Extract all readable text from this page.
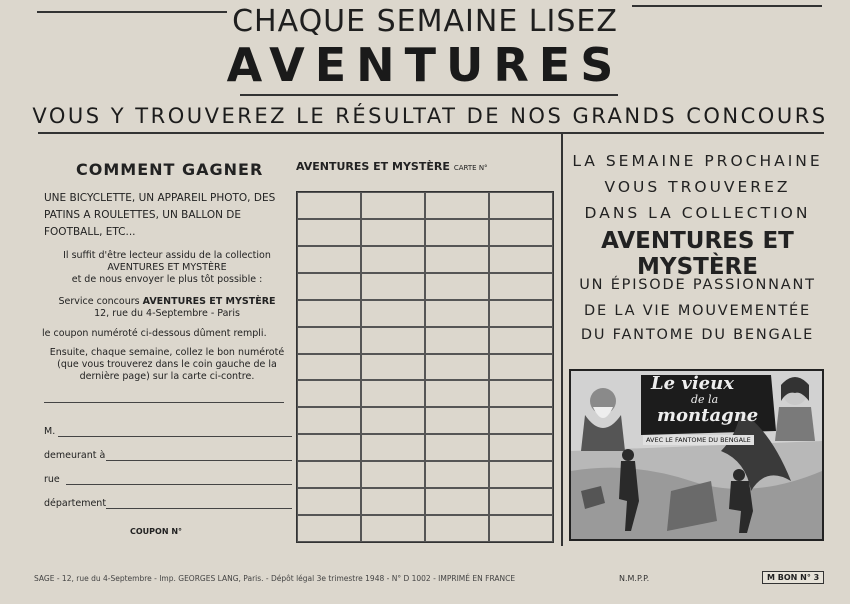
CHAQUE SEMAINE LISEZ
AVENTURES
VOUS Y TROUVEREZ LE RÉSULTAT DE NOS GRANDS CONCOURS
COMMENT GAGNER
UNE BICYCLETTE, UN APPAREIL PHOTO, DES PATINS A ROULETTES, UN BALLON DE FOOTBALL, ETC...
Il suffit d'être lecteur assidu de la collection
AVENTURES ET MYSTÈRE
et de nous envoyer le plus tôt possible :
Service concours AVENTURES ET MYSTÈRE
12, rue du 4-Septembre - Paris
le coupon numéroté ci-dessous dûment rempli.
Ensuite, chaque semaine, collez le bon numéroté (que vous trouverez dans le coin gauche de la dernière page) sur la carte ci-contre.
M.
demeurant à
rue
département
COUPON N°
AVENTURES ET MYSTÈRE CARTE N°	LA SEMAINE PROCHAINE
VOUS TROUVEREZ
DANS LA COLLECTION
AVENTURES ET MYSTÈRE
UN ÉPISODE PASSIONNANT
DE LA VIE MOUVEMENTÉE
DU FANTOME DU BENGALE
Le vieux
de la
montagne
AVEC LE FANTOME DU BENGALE
SAGE - 12, rue du 4-Septembre - Imp. GEORGES LANG, Paris. - Dépôt légal 3e trimestre 1948 - N° D 1002 - IMPRIMÉ EN FRANCE	N.M.P.P.	M BON N° 3
